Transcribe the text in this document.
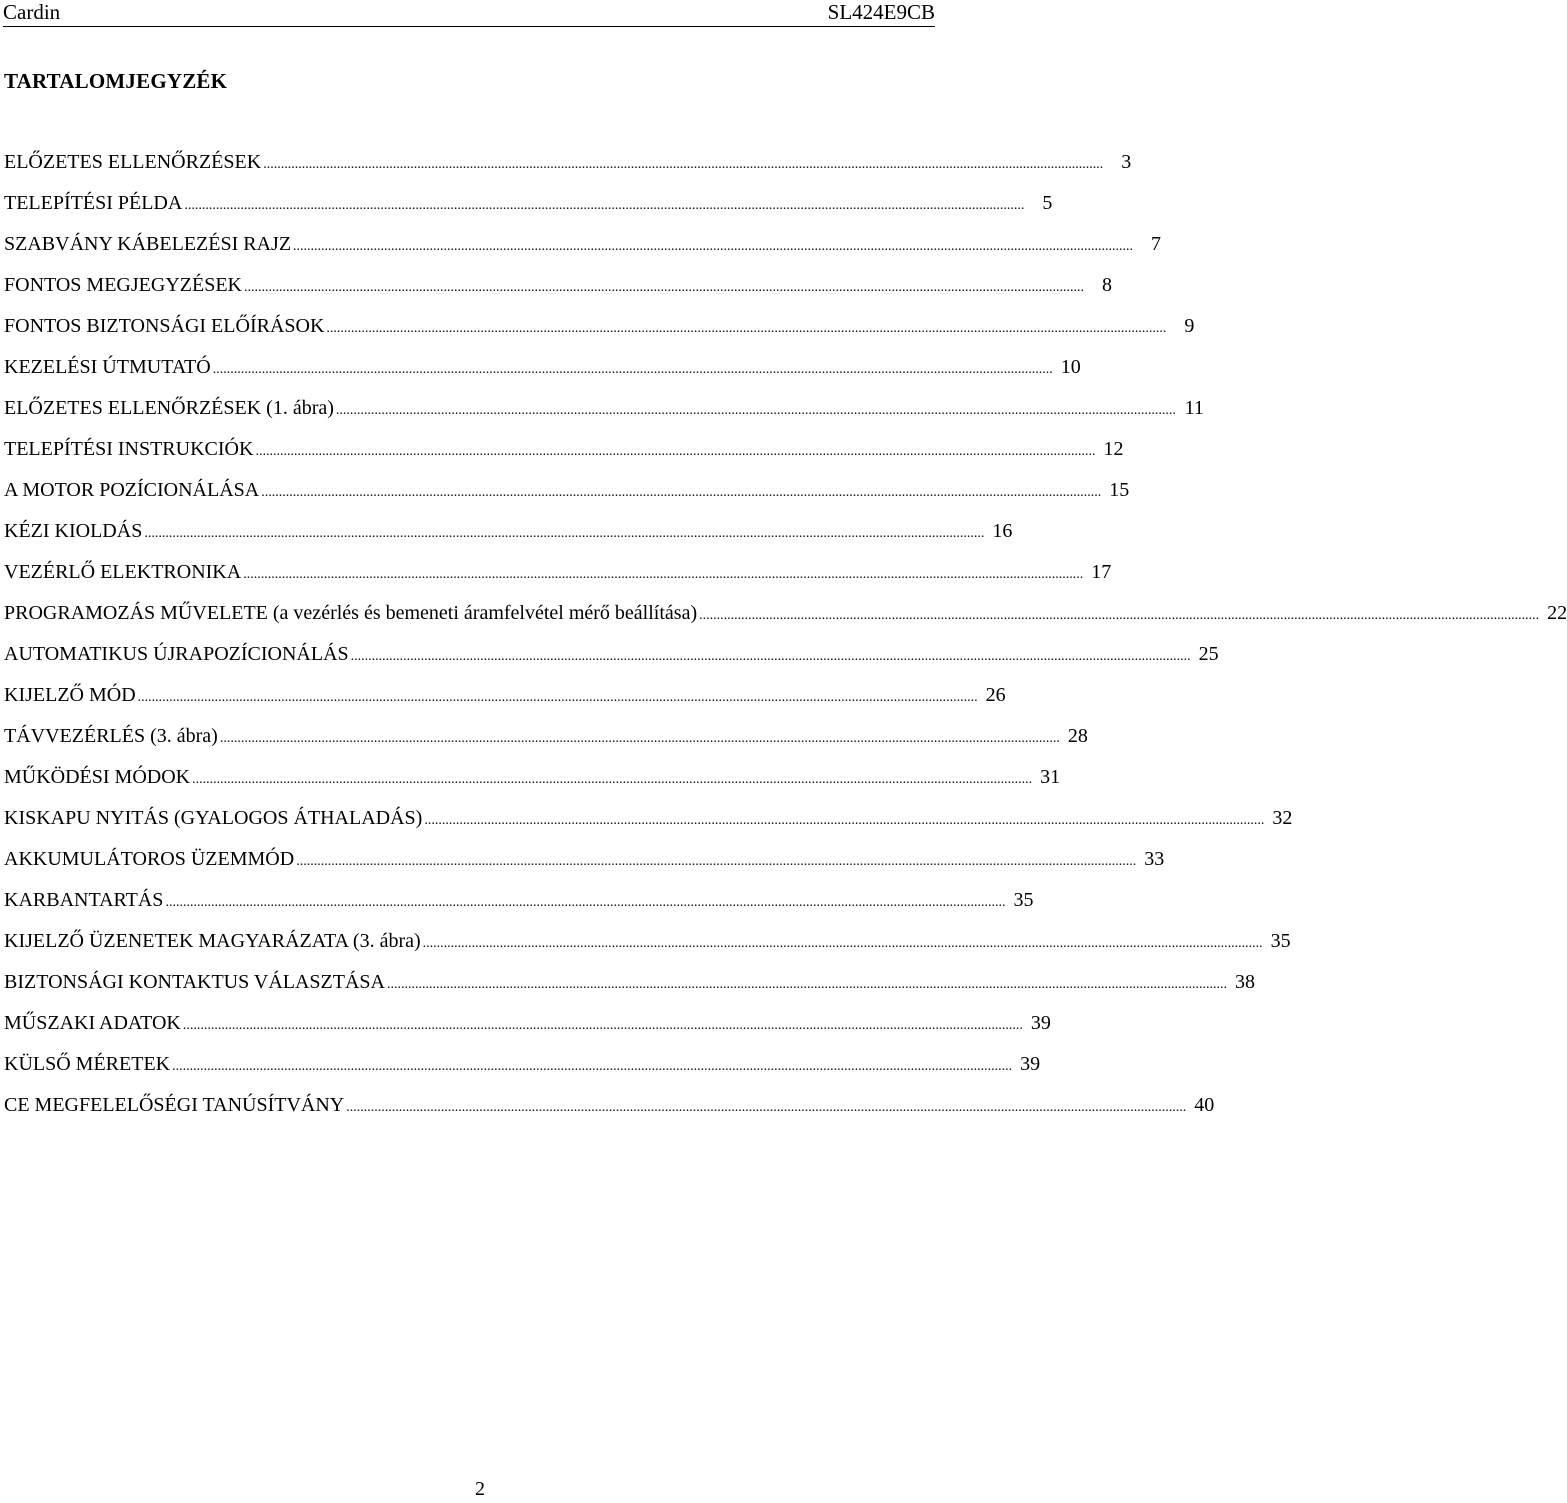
Cardin	SL424E9CB
TARTALOMJEGYZÉK
ELŐZETES ELLENŐRZÉSEK .....	3
TELEPÍTÉSI PÉLDA .....	5
SZABVÁNY KÁBELEZÉSI RAJZ .....	7
FONTOS MEGJEGYZÉSEK .....	8
FONTOS BIZTONSÁGI ELŐÍRÁSOK .....	9
KEZELÉSI ÚTMUTATÓ .....	10
ELŐZETES ELLENŐRZÉSEK (1. ábra) .....	11
TELEPÍTÉSI INSTRUKCIÓK .....	12
A MOTOR POZÍCIONÁLÁSA .....	15
KÉZI KIOLDÁS .....	16
VEZÉRLŐ ELEKTRONIKA .....	17
PROGRAMOZÁS MŰVELETE (a vezérlés és bemeneti áramfelvétel mérő beállítása) .....	22
AUTOMATIKUS ÚJRAPOZÍCIONÁLÁS .....	25
KIJELZŐ MÓD .....	26
TÁVVEZÉRLÉS (3. ábra) .....	28
MŰKÖDÉSI MÓDOK .....	31
KISKAPU NYITÁS (GYALOGOS ÁTHALADÁS) .....	32
AKKUMULÁTOROS ÜZEMMÓD .....	33
KARBANTARTÁS .....	35
KIJELZŐ ÜZENETEK MAGYARÁZATA (3. ábra) .....	35
BIZTONSÁGI KONTAKTUS VÁLASZTÁSA .....	38
MŰSZAKI ADATOK .....	39
KÜLSŐ MÉRETEK .....	39
CE MEGFELELŐSÉGI TANÚSÍTVÁNY .....	40
2
